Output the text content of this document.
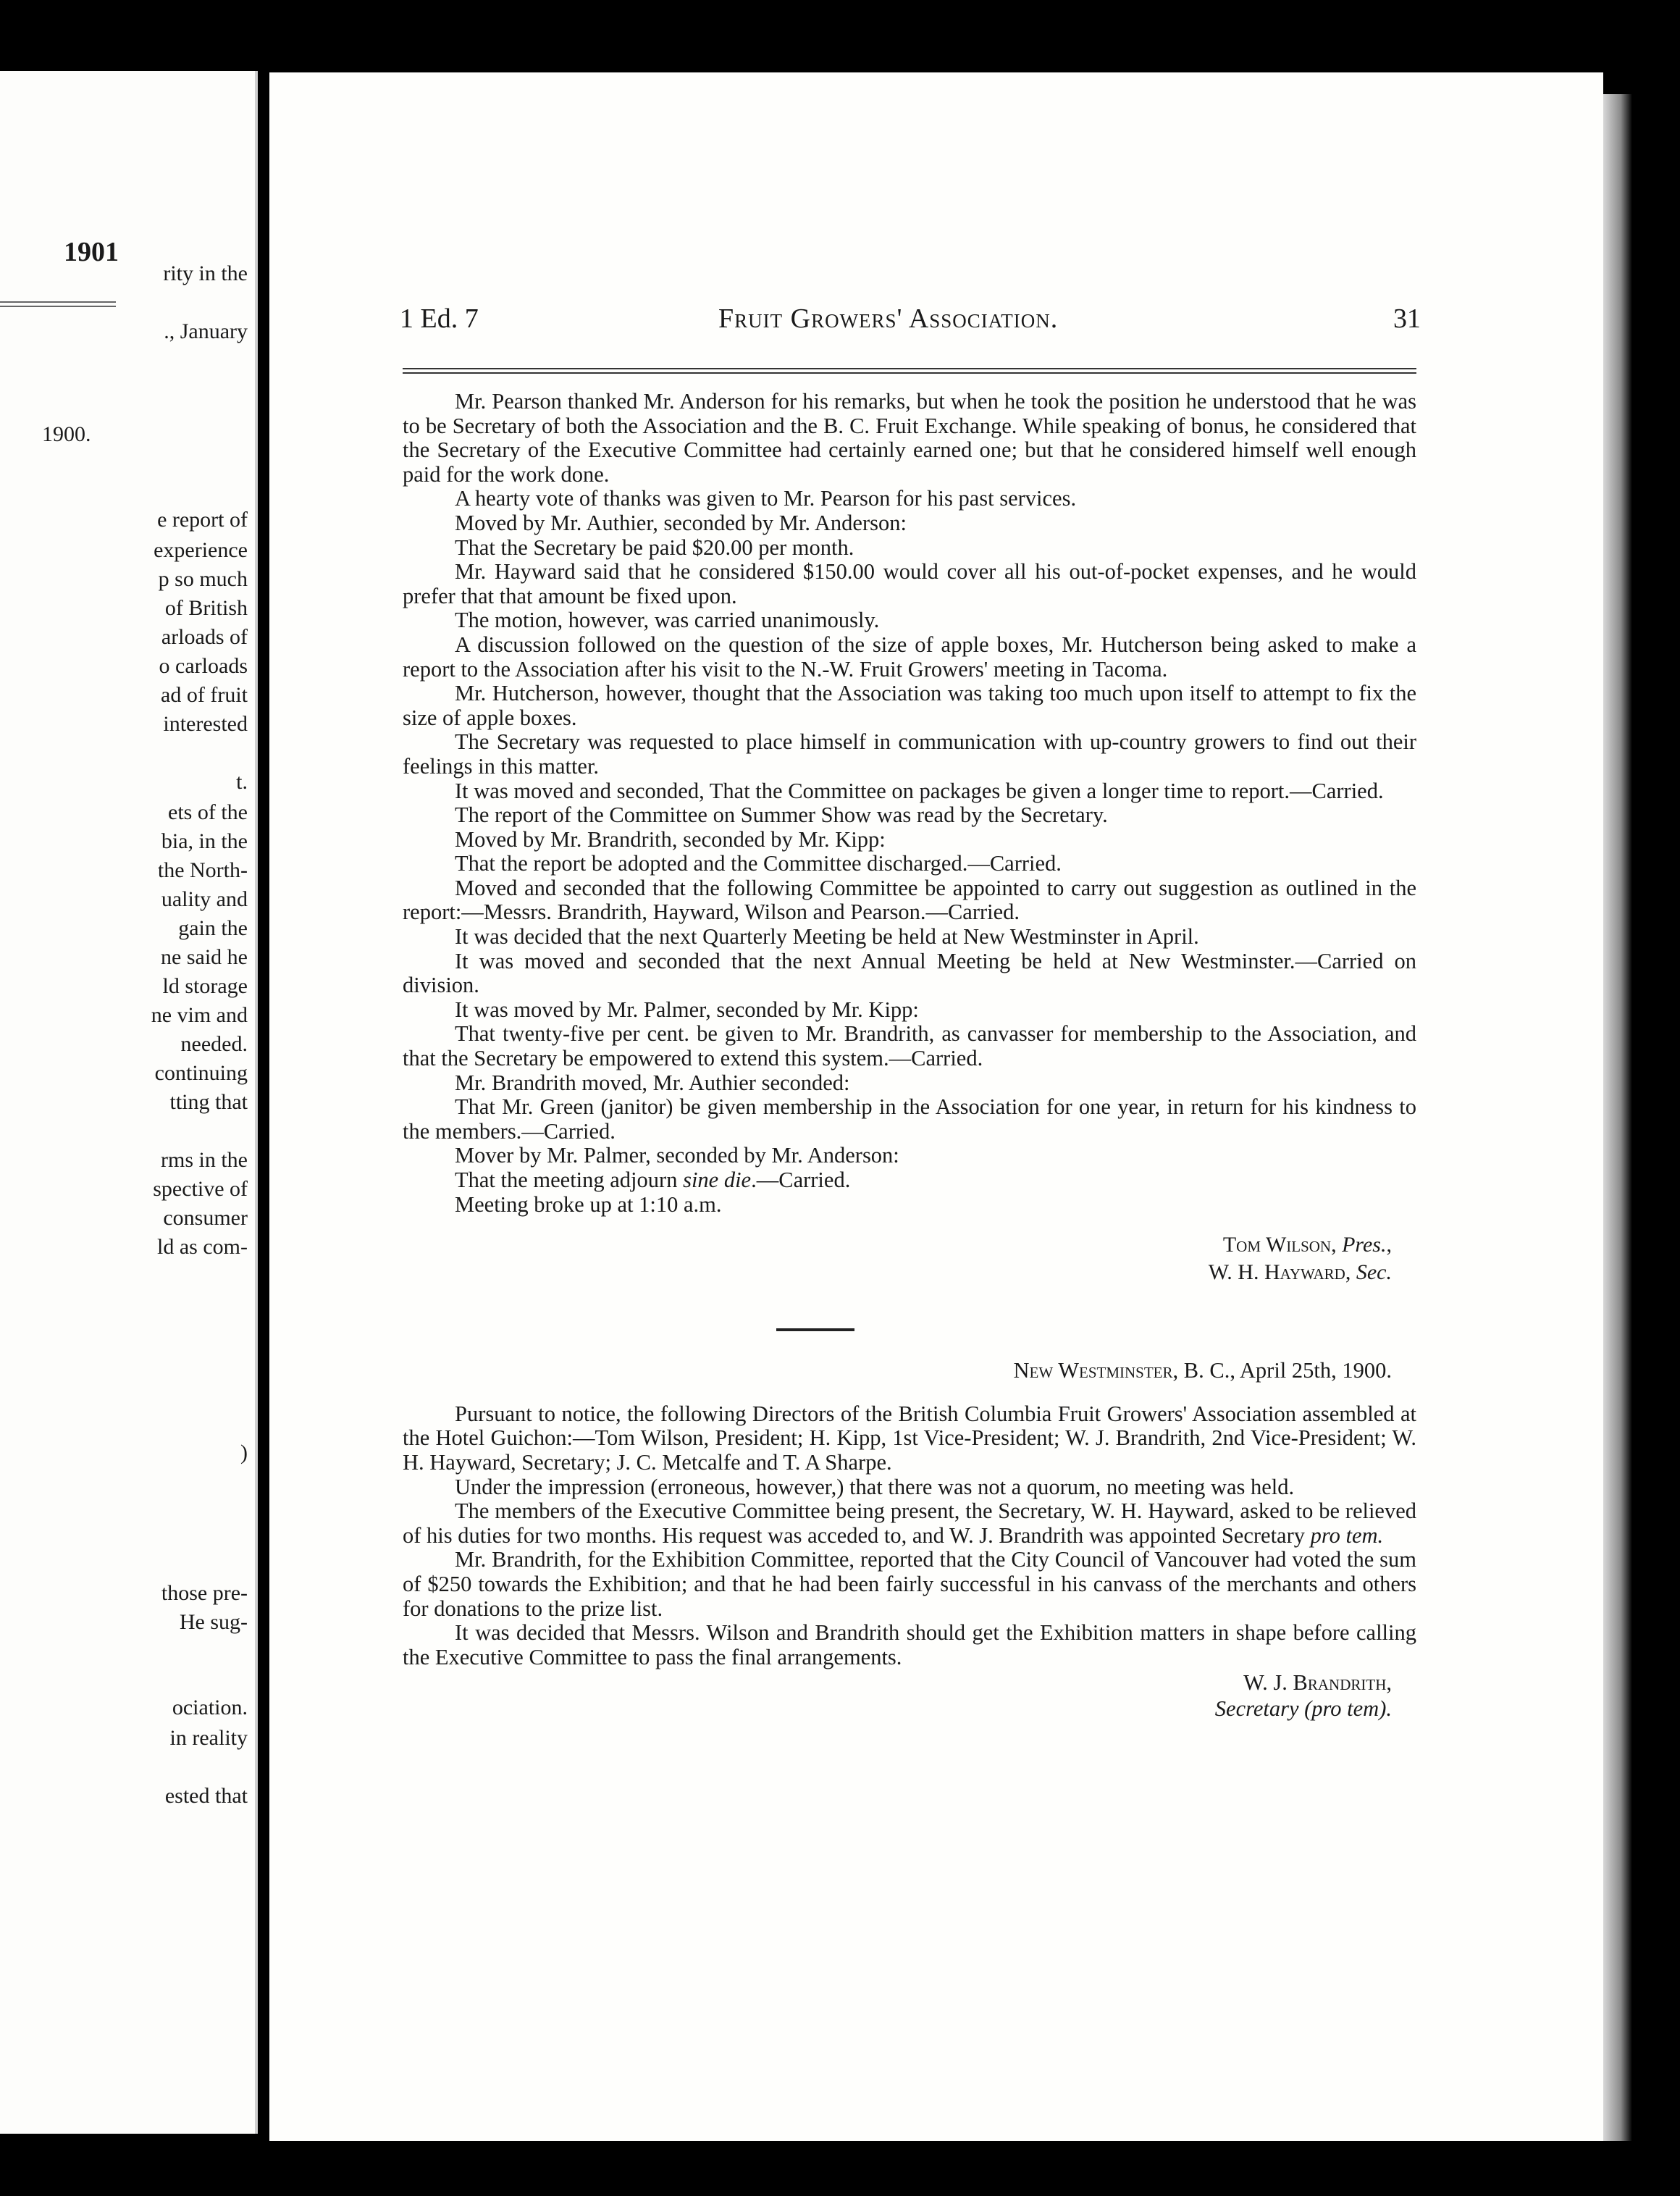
1901
rity in the
., January
1900.
e report of
experience
p so much
of British
arloads of
o carloads
ad of fruit
interested
t.
ets of the
bia, in the
the North-
uality and
gain the
ne said he
ld storage
ne vim and
needed.
continuing
tting that
rms in the
spective of
consumer
ld as com-
)
those pre-
He sug-
ociation.
in reality
ested that
1 Ed. 7	Fruit Growers' Association.	31

Mr. Pearson thanked Mr. Anderson for his remarks, but when he took the position he understood that he was to be Secretary of both the Association and the B. C. Fruit Exchange. While speaking of bonus, he considered that the Secretary of the Executive Committee had certainly earned one; but that he considered himself well enough paid for the work done.

A hearty vote of thanks was given to Mr. Pearson for his past services.

Moved by Mr. Authier, seconded by Mr. Anderson:

That the Secretary be paid $20.00 per month.

Mr. Hayward said that he considered $150.00 would cover all his out-of-pocket expenses, and he would prefer that that amount be fixed upon.

The motion, however, was carried unanimously.

A discussion followed on the question of the size of apple boxes, Mr. Hutcherson being asked to make a report to the Association after his visit to the N.-W. Fruit Growers' meeting in Tacoma.

Mr. Hutcherson, however, thought that the Association was taking too much upon itself to attempt to fix the size of apple boxes.

The Secretary was requested to place himself in communication with up-country growers to find out their feelings in this matter.

It was moved and seconded, That the Committee on packages be given a longer time to report.—Carried.

The report of the Committee on Summer Show was read by the Secretary.

Moved by Mr. Brandrith, seconded by Mr. Kipp:

That the report be adopted and the Committee discharged.—Carried.

Moved and seconded that the following Committee be appointed to carry out suggestion as outlined in the report:—Messrs. Brandrith, Hayward, Wilson and Pearson.—Carried.

It was decided that the next Quarterly Meeting be held at New Westminster in April.

It was moved and seconded that the next Annual Meeting be held at New Westminster.—Carried on division.

It was moved by Mr. Palmer, seconded by Mr. Kipp:

That twenty-five per cent. be given to Mr. Brandrith, as canvasser for membership to the Association, and that the Secretary be empowered to extend this system.—Carried.

Mr. Brandrith moved, Mr. Authier seconded:

That Mr. Green (janitor) be given membership in the Association for one year, in return for his kindness to the members.—Carried.

Mover by Mr. Palmer, seconded by Mr. Anderson:

That the meeting adjourn sine die.—Carried.

Meeting broke up at 1:10 a.m.

Tom Wilson, Pres.,
W. H. Hayward, Sec.
New Westminster, B. C., April 25th, 1900.

Pursuant to notice, the following Directors of the British Columbia Fruit Growers' Association assembled at the Hotel Guichon:—Tom Wilson, President; H. Kipp, 1st Vice-President; W. J. Brandrith, 2nd Vice-President; W. H. Hayward, Secretary; J. C. Metcalfe and T. A Sharpe.

Under the impression (erroneous, however,) that there was not a quorum, no meeting was held.

The members of the Executive Committee being present, the Secretary, W. H. Hayward, asked to be relieved of his duties for two months. His request was acceded to, and W. J. Brandrith was appointed Secretary pro tem.

Mr. Brandrith, for the Exhibition Committee, reported that the City Council of Vancouver had voted the sum of $250 towards the Exhibition; and that he had been fairly successful in his canvass of the merchants and others for donations to the prize list.

It was decided that Messrs. Wilson and Brandrith should get the Exhibition matters in shape before calling the Executive Committee to pass the final arrangements.

W. J. Brandrith,
Secretary (pro tem).
